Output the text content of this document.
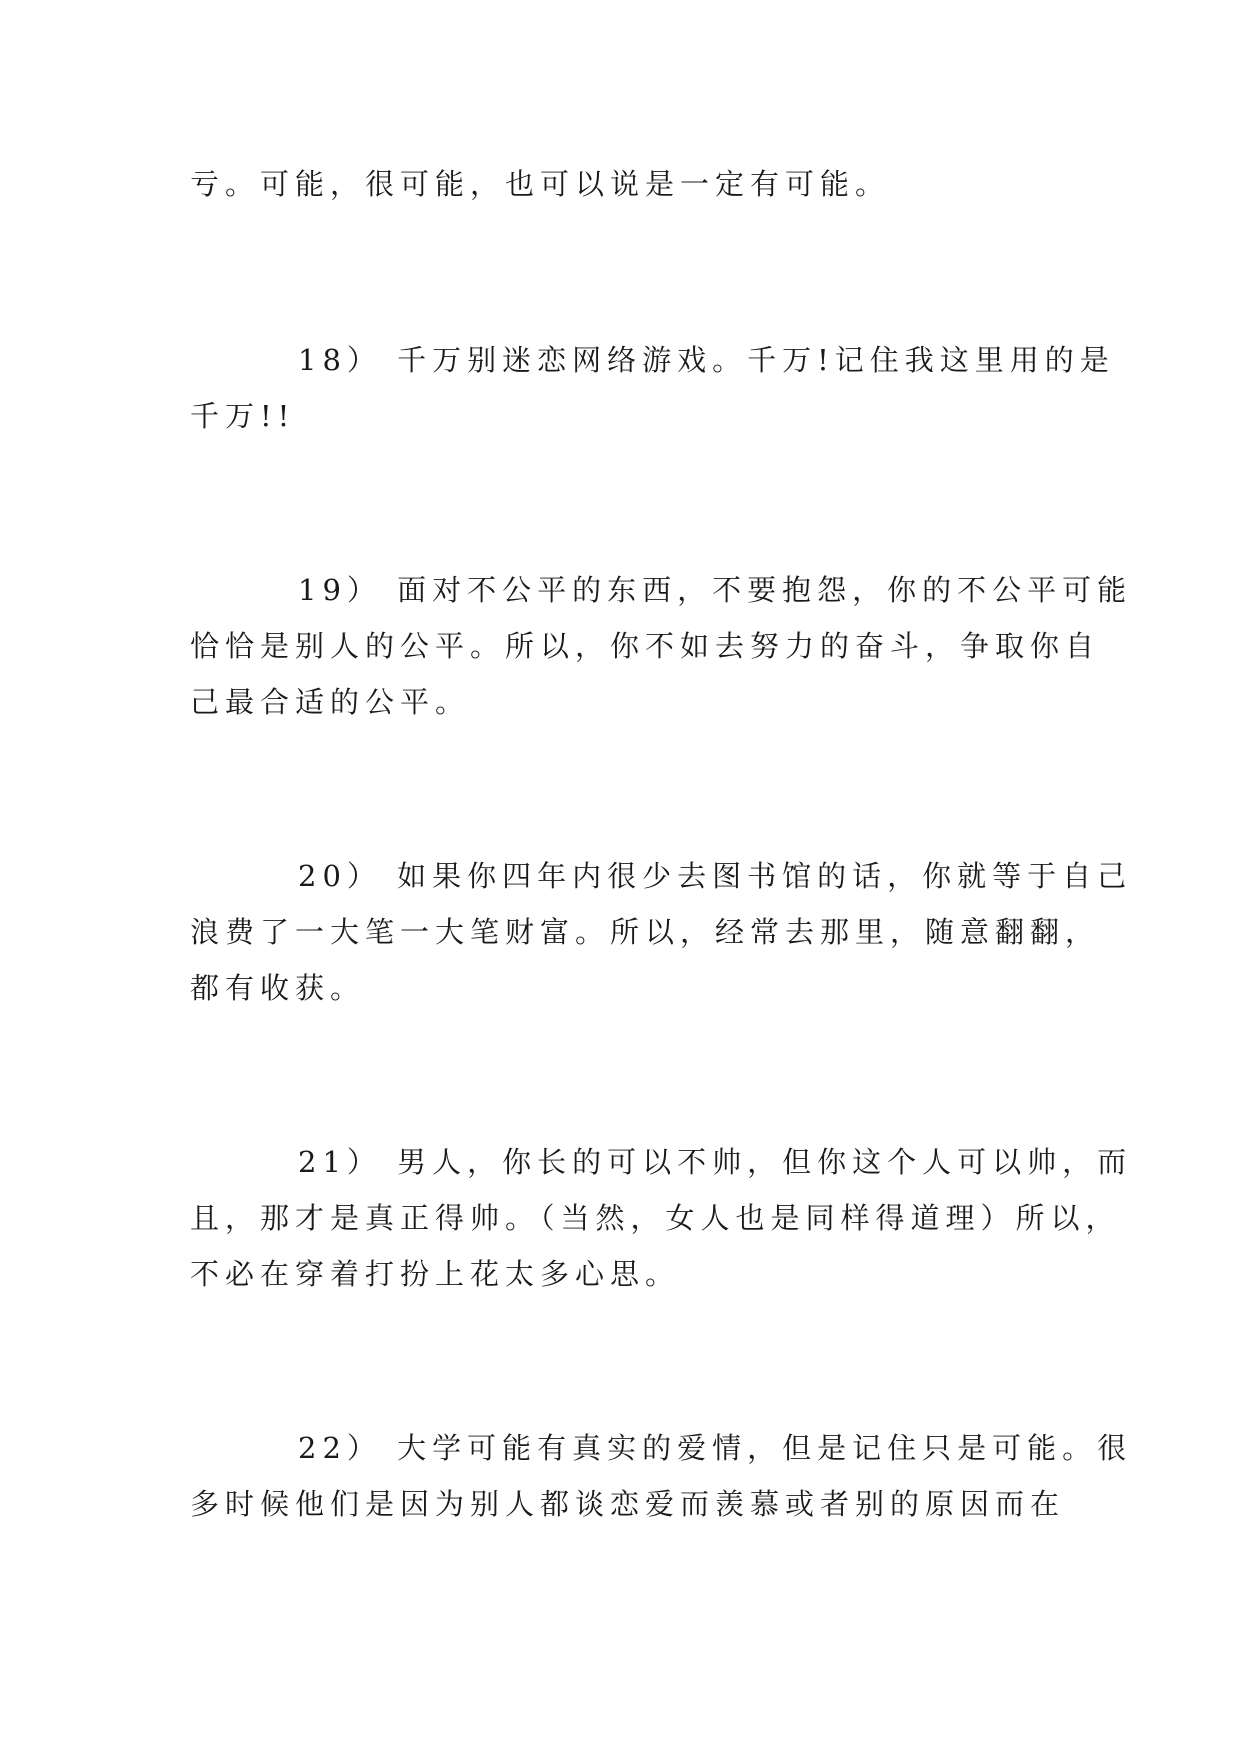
亏。可能，很可能，也可以说是一定有可能。
18） 千万别迷恋网络游戏。千万!记住我这里用的是
千万!!
19） 面对不公平的东西，不要抱怨，你的不公平可能
恰恰是别人的公平。所以，你不如去努力的奋斗，争取你自
己最合适的公平。
20） 如果你四年内很少去图书馆的话，你就等于自己
浪费了一大笔一大笔财富。所以，经常去那里，随意翻翻，
都有收获。
21） 男人，你长的可以不帅，但你这个人可以帅，而
且，那才是真正得帅。（当然，女人也是同样得道理）所以，
不必在穿着打扮上花太多心思。
22） 大学可能有真实的爱情，但是记住只是可能。很
多时候他们是因为别人都谈恋爱而羡慕或者别的原因而在
